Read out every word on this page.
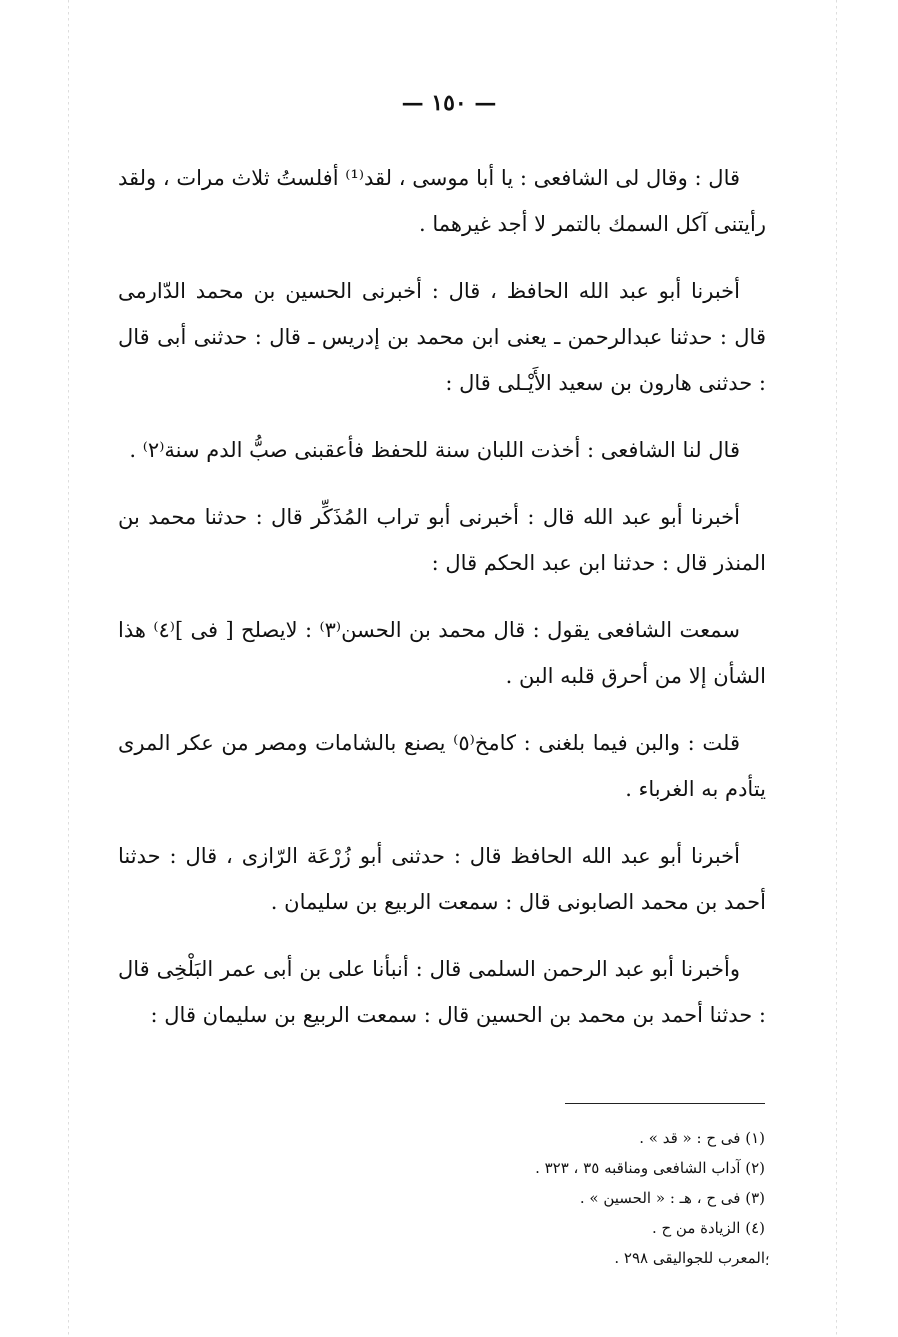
— ١٥٠ —

قال : وقال لى الشافعى : يا أبا موسى ، لقد⁽¹⁾ أفلستُ ثلاث مرات ، ولقد رأيتنى آكل السمك بالتمر لا أجد غيرهما .

أخبرنا أبو عبد الله الحافظ ، قال : أخبرنى الحسين بن محمد الدّارمى قال : حدثنا عبدالرحمن ـ يعنى ابن محمد بن إدريس ـ قال : حدثنى أبى قال : حدثنى هارون بن سعيد الأَيْـلى قال :

قال لنا الشافعى : أخذت اللبان سنة للحفظ فأعقبنى صبُّ الدم سنة⁽٢⁾ .

أخبرنا أبو عبد الله قال : أخبرنى أبو تراب المُذَكِّر قال : حدثنا محمد بن المنذر قال : حدثنا ابن عبد الحكم قال :

سمعت الشافعى يقول : قال محمد بن الحسن⁽٣⁾ : لايصلح [ فى ]⁽٤⁾ هذا الشأن إلا من أحرق قلبه البن .

قلت : والبن فيما بلغنى : كامخ⁽٥⁾ يصنع بالشامات ومصر من عكر المرى يتأدم به الغرباء .

أخبرنا أبو عبد الله الحافظ قال : حدثنى أبو زُرْعَة الرّازى ، قال : حدثنا أحمد بن محمد الصابونى قال : سمعت الربيع بن سليمان .

وأخبرنا أبو عبد الرحمن السلمى قال : أنبأنا على بن أبى عمر البَلْخِى قال : حدثنا أحمد بن محمد بن الحسين قال : سمعت الربيع بن سليمان قال :

(١) فى ح : « قد » .

(٢) آداب الشافعى ومناقبه ٣٥ ، ٣٢٣ .

(٣) فى ح ، هـ : « الحسين » .

(٤) الزيادة من ح .

المعرب للجواليقى ٢٩٨ . ؛
